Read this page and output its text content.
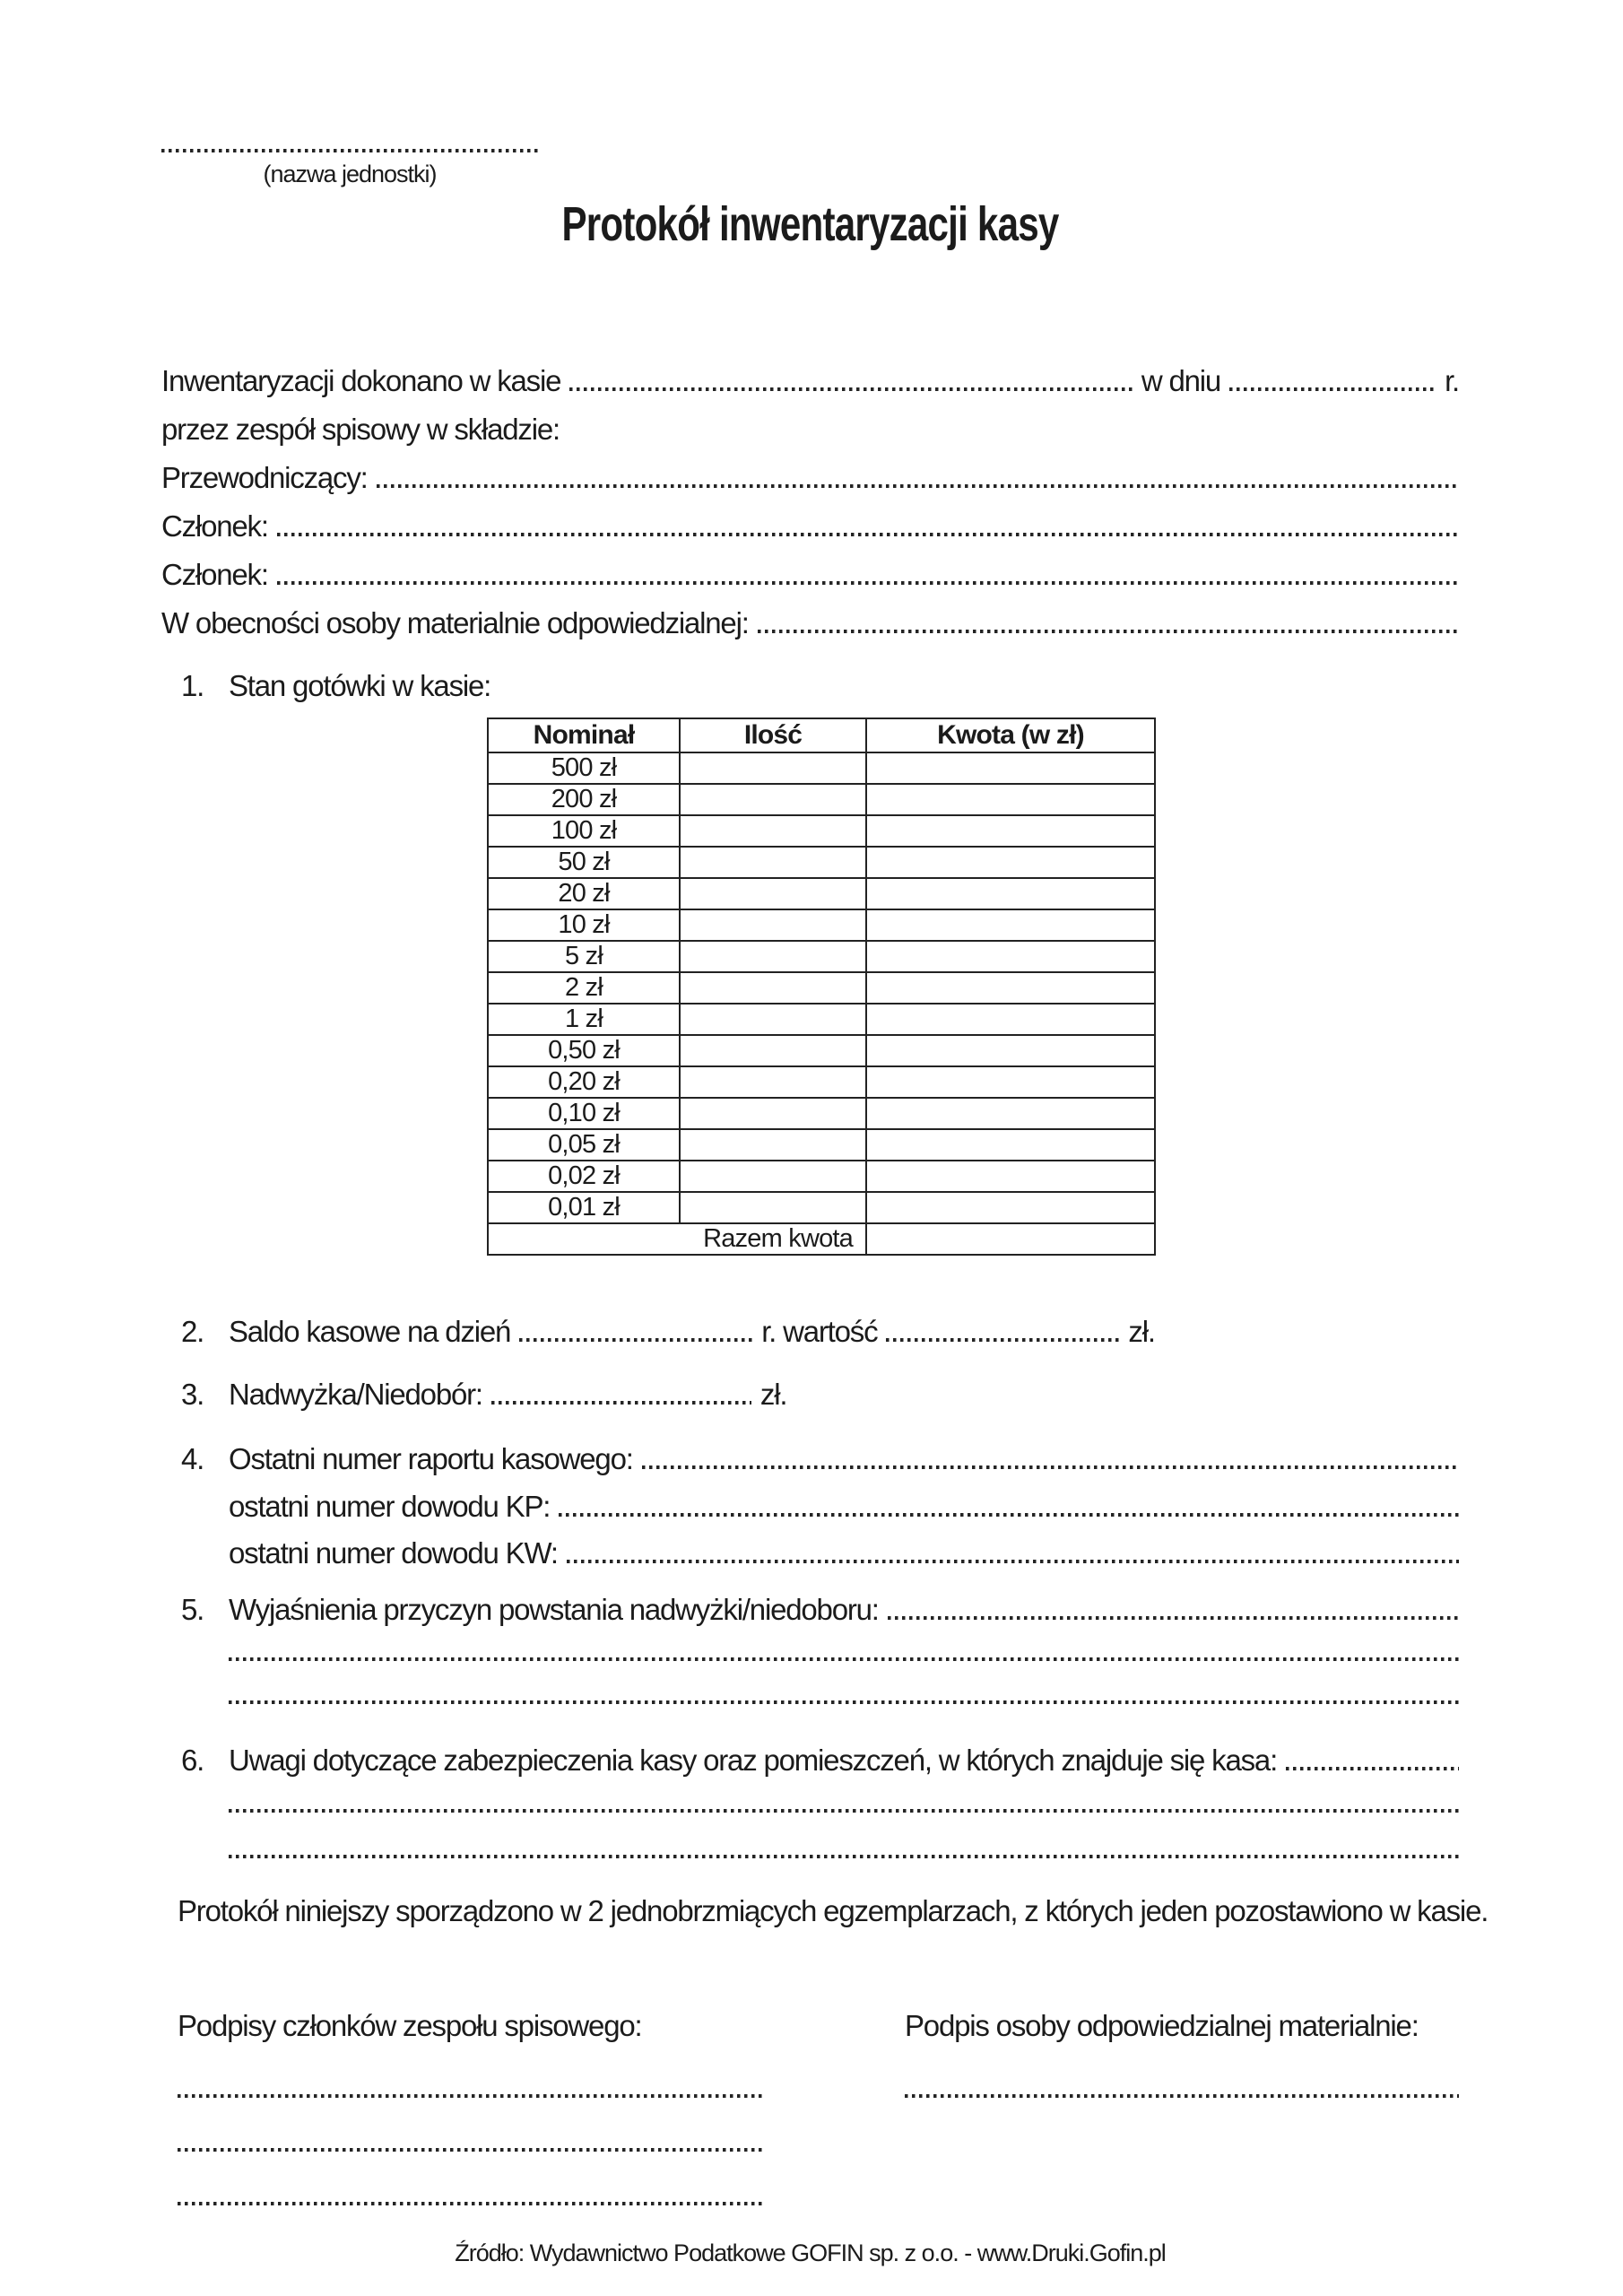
(nazwa jednostki)
Protokół inwentaryzacji kasy
Inwentaryzacji dokonano w kasie	w dniu	r.
przez zespół spisowy w składzie:
Przewodniczący:
Członek:
Członek:
W obecności osoby materialnie odpowiedzialnej:
1. Stan gotówki w kasie:
Nominał	Ilość	Kwota (w zł)
500 zł		
200 zł		
100 zł		
50 zł		
20 zł		
10 zł		
5 zł		
2 zł		
1 zł		
0,50 zł		
0,20 zł		
0,10 zł		
0,05 zł		
0,02 zł		
0,01 zł		
Razem kwota		
2. Saldo kasowe na dzień	r. wartość	zł.
3. Nadwyżka/Niedobór:	zł.
4. Ostatni numer raportu kasowego:
ostatni numer dowodu KP:
ostatni numer dowodu KW:
5. Wyjaśnienia przyczyn powstania nadwyżki/niedoboru:
6. Uwagi dotyczące zabezpieczenia kasy oraz pomieszczeń, w których znajduje się kasa:
Protokół niniejszy sporządzono w 2 jednobrzmiących egzemplarzach, z których jeden pozostawiono w kasie.
Podpisy członków zespołu spisowego:	Podpis osoby odpowiedzialnej materialnie:
Źródło: Wydawnictwo Podatkowe GOFIN sp. z o.o. - www.Druki.Gofin.pl
